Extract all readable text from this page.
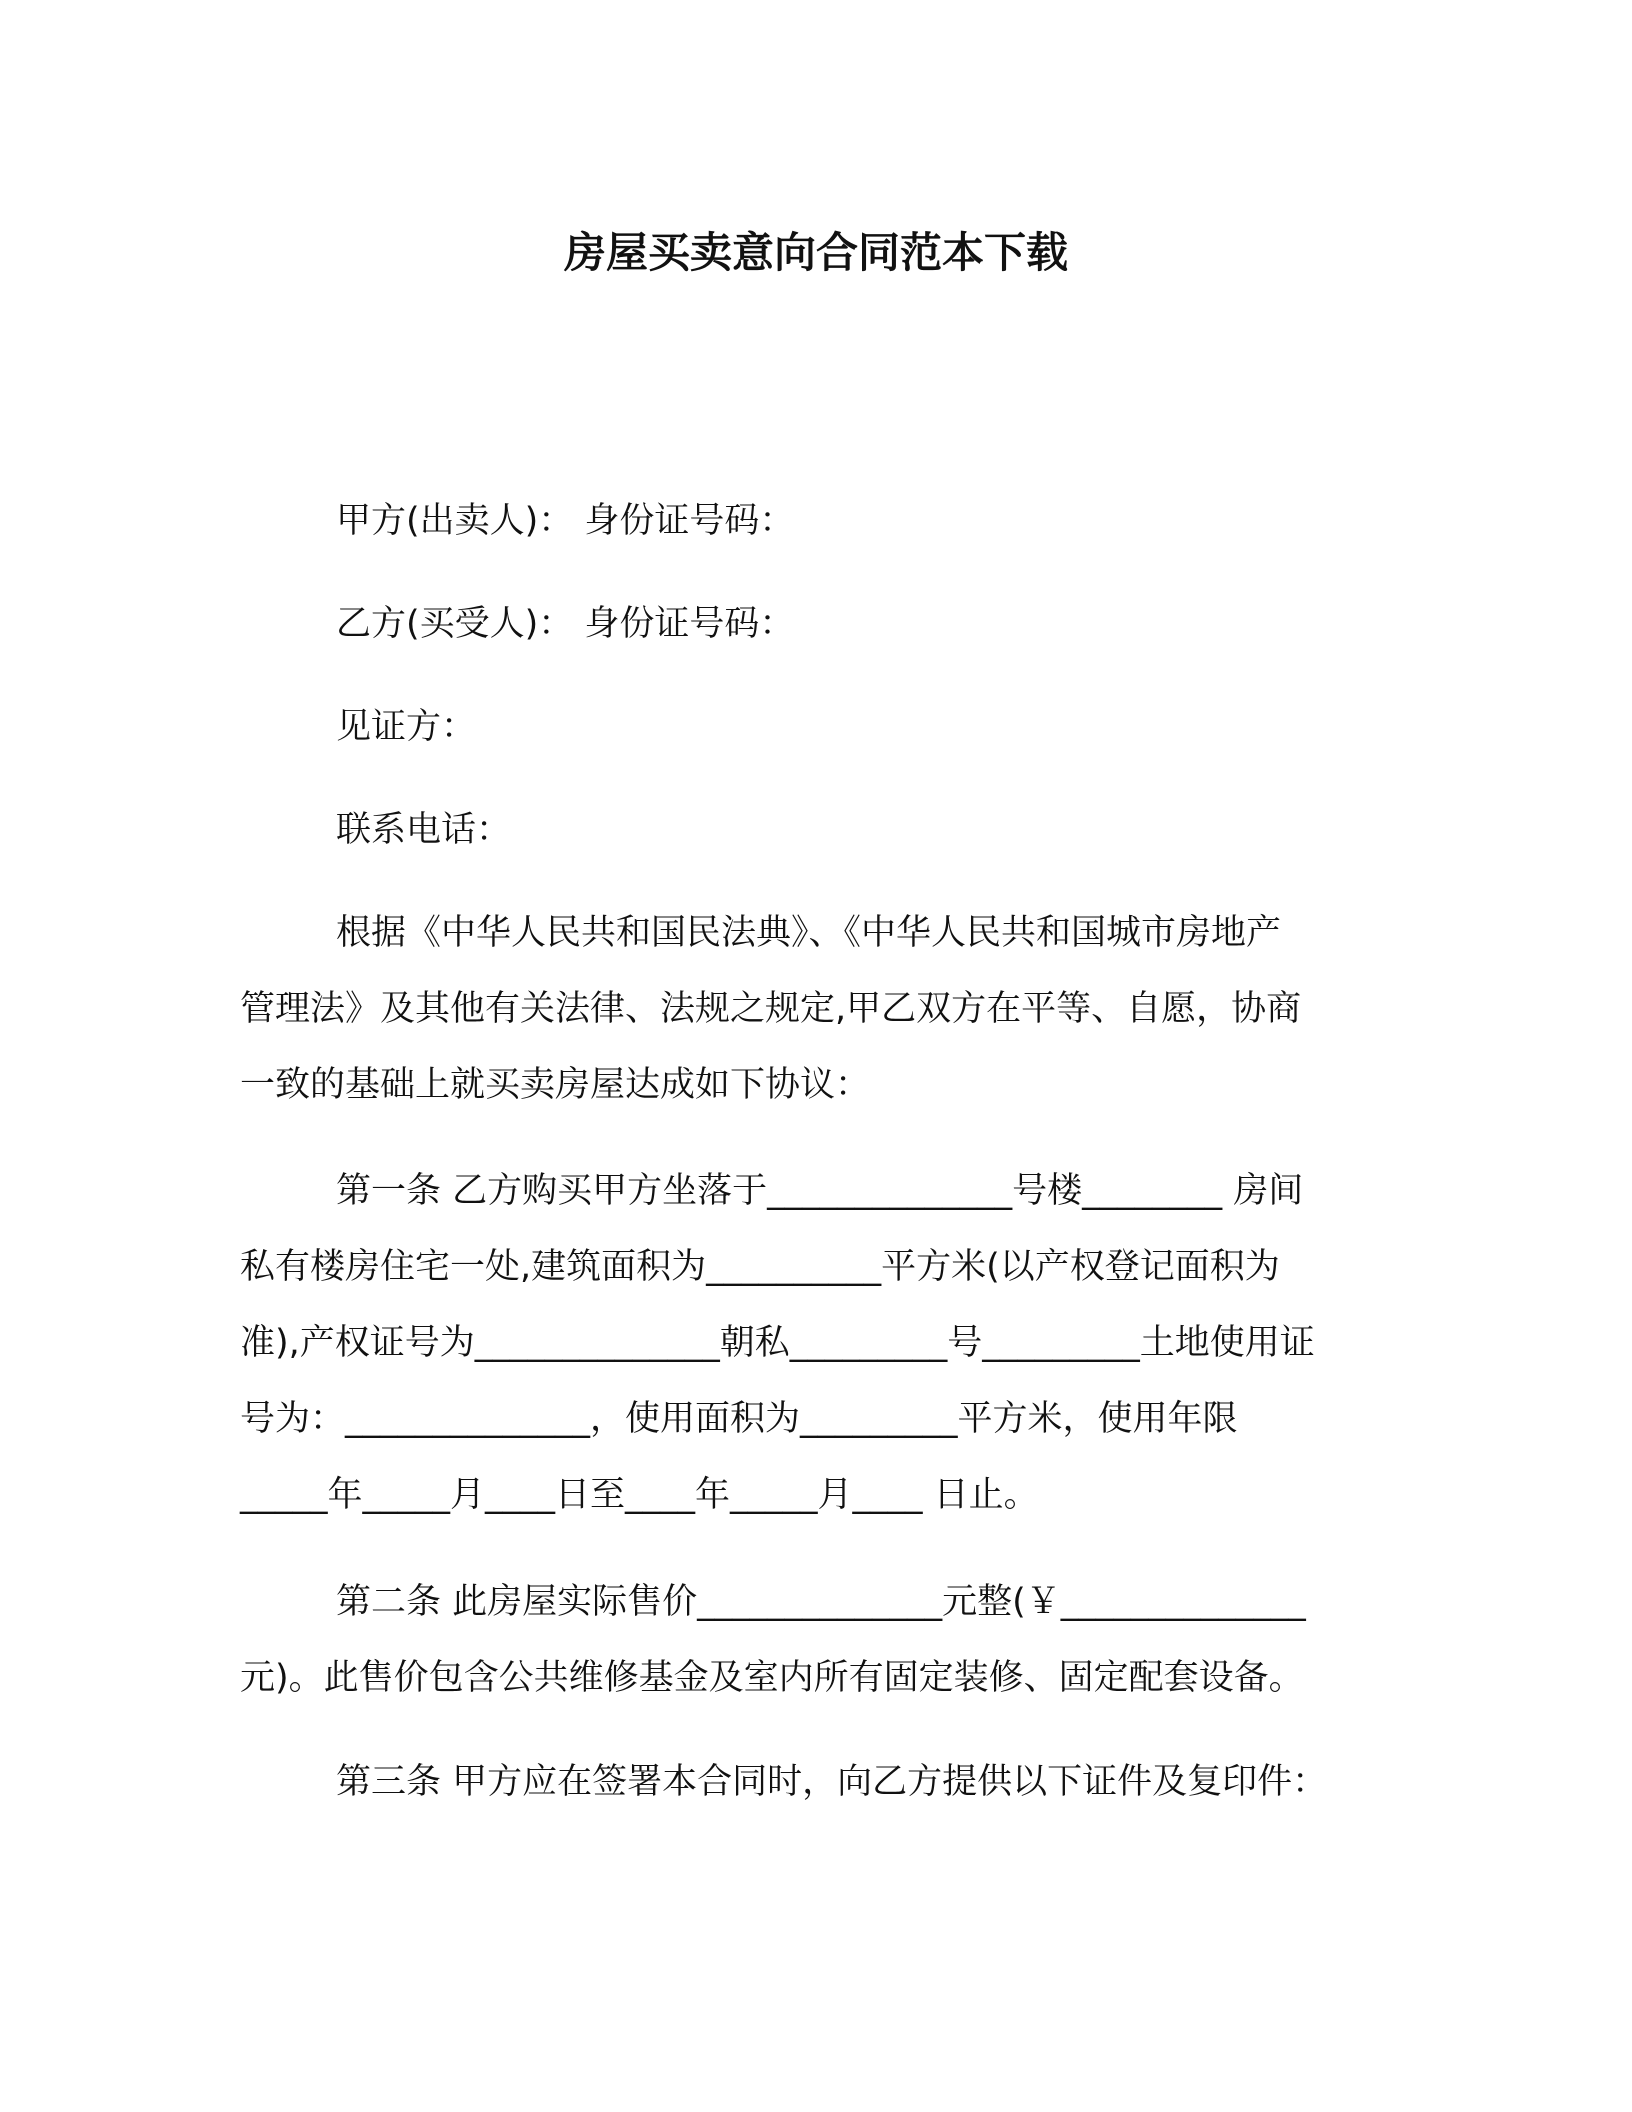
房屋买卖意向合同范本下载

甲方(出卖人)： 身份证号码：

乙方(买受人)： 身份证号码：

见证方：

联系电话：

根据《中华人民共和国民法典》、《中华人民共和国城市房地产

管理法》及其他有关法律、法规之规定,甲乙双方在平等、自愿，协商

一致的基础上就买卖房屋达成如下协议：

第一条 乙方购买甲方坐落于______________号楼________ 房间

私有楼房住宅一处,建筑面积为__________平方米(以产权登记面积为

准),产权证号为______________朝私_________号_________土地使用证

号为：______________，使用面积为_________平方米，使用年限

_____年_____月____日至____年_____月____ 日止。

第二条 此房屋实际售价______________元整(￥______________

元)。此售价包含公共维修基金及室内所有固定装修、固定配套设备。

第三条 甲方应在签署本合同时，向乙方提供以下证件及复印件：
